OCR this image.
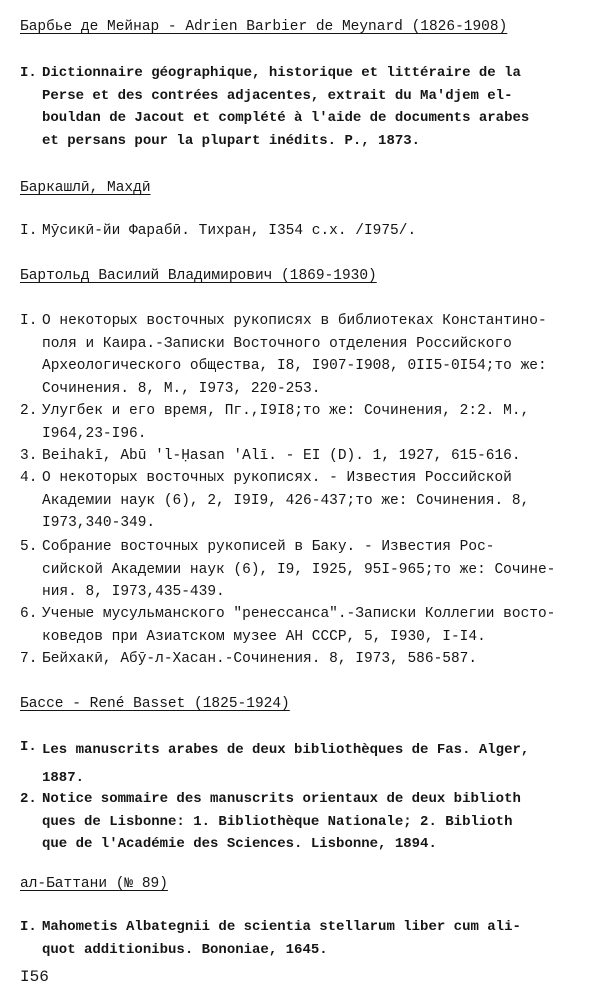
Барбье де Мейнар - Adrien Barbier de Meynard (1826-1908)
I. Dictionnaire géographique, historique et littéraire de la
Perse et des contrées adjacentes, extrait du Ma'djem el-
bouldan de Jacout et complété à l'aide de documents arabes
et persans pour la plupart inédits. P., 1873.
Баркашлӣ, Махдӣ
I. Мӯсикӣ-йи Фарабӣ. Тихран, I354 с.х. /I975/.
Бартольд Василий Владимирович (1869-1930)
I. О некоторых восточных рукописях в библиотеках Константино-
поля и Каира.-Записки Восточного отделения Российского
Археологического общества, I8, I907-I908, 0II5-0I54;то же:
Сочинения. 8, М., I973, 220-253.
2. Улугбек и его время, Пг.,I9I8;то же: Сочинения, 2:2. М.,
I964,23-I96.
3. Beihakī, Abū 'l-Ḥasan 'Alī. - EI (D). 1, 1927, 615-616.
4. О некоторых восточных рукописях. - Известия Российской
Академии наук (6), 2, I9I9, 426-437;то же: Сочинения. 8,
I973,340-349.
5. Собрание восточных рукописей в Баку. - Известия Рос-
сийской Академии наук (6), I9, I925, 95I-965;то же: Сочине-
ния. 8, I973,435-439.
6. Ученые мусульманского "ренессанса".-Записки Коллегии восто-
коведов при Азиатском музее АН СССР, 5, I930, I-I4.
7. Бейхакӣ, Абӯ-л-Хасан.-Сочинения. 8, I973, 586-587.
Бассе - René Basset (1825-1924)
I. Les manuscrits arabes de deux bibliothèques de Fas. Alger,
1887.
2. Notice sommaire des manuscrits orientaux de deux biblioth
ques de Lisbonne: 1. Bibliothèque Nationale; 2. Biblioth
que de l'Académie des Sciences. Lisbonne, 1894.
ал-Баттани (№ 89)
I. Mahometis Albategnii de scientia stellarum liber cum ali-
quot additionibus. Bononiae, 1645.
I56
